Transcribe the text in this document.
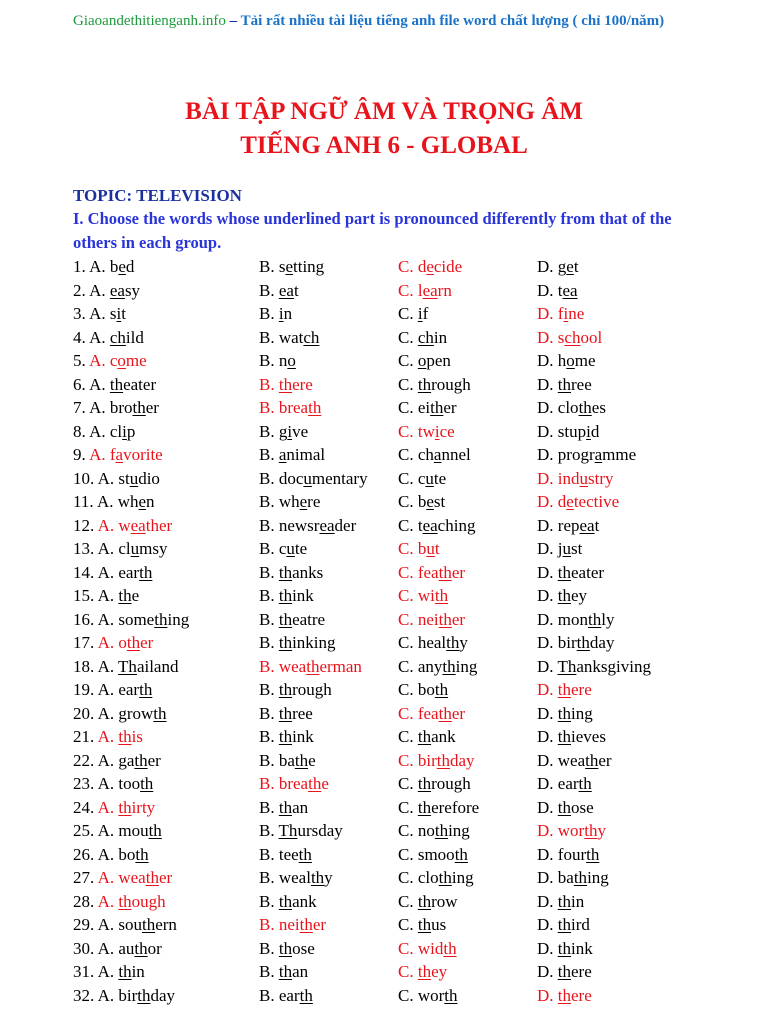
Giaoandethitienganh.info – Tải rất nhiều tài liệu tiếng anh file word chất lượng ( chỉ 100/năm)
BÀI TẬP NGỮ ÂM VÀ TRỌNG ÂM
TIẾNG ANH 6 - GLOBAL
TOPIC: TELEVISION
I. Choose the words whose underlined part is pronounced differently from that of the others in each group.
1. A. bed	B. setting	C. decide	D. get
2. A. easy	B. eat	C. learn	D. tea
3. A. sit	B. in	C. if	D. fine
4. A. child	B. watch	C. chin	D. school
5. A. come	B. no	C. open	D. home
6. A. theater	B. there	C. through	D. three
7. A. brother	B. breath	C. either	D. clothes
8. A. clip	B. give	C. twice	D. stupid
9. A. favorite	B. animal	C. channel	D. programme
10. A. studio	B. documentary C. cute	D. industry
11. A. when	B. where	C. best	D. detective
12. A. weather	B. newsreader C. teaching	D. repeat
13. A. clumsy	B. cute	C. but	D. just
14. A. earth	B. thanks	C. feather	D. theater
15. A. the	B. think	C. with	D. they
16. A. something	B. theatre	C. neither	D. monthly
17. A. other	B. thinking	C. healthy	D. birthday
18. A. Thailand	B. weatherman C. anything	D. Thanksgiving
19. A. earth	B. through	C. both	D. there
20. A. growth	B. three	C. feather	D. thing
21. A. this	B. think	C. thank	D. thieves
22. A. gather	B. bathe	C. birthday	D. weather
23. A. tooth	B. breathe	C. through	D. earth
24. A. thirty	B. than	C. therefore	D. those
25. A. mouth	B. Thursday	C. nothing	D. worthy
26. A. both	B. teeth	C. smooth	D. fourth
27. A. weather	B. wealthy	C. clothing	D. bathing
28. A. though	B. thank	C. throw	D. thin
29. A. southern	B. neither	C. thus	D. third
30. A. author	B. those	C. width	D. think
31. A. thin	B. than	C. they	D. there
32. A. birthday	B. earth	C. worth	D. there
